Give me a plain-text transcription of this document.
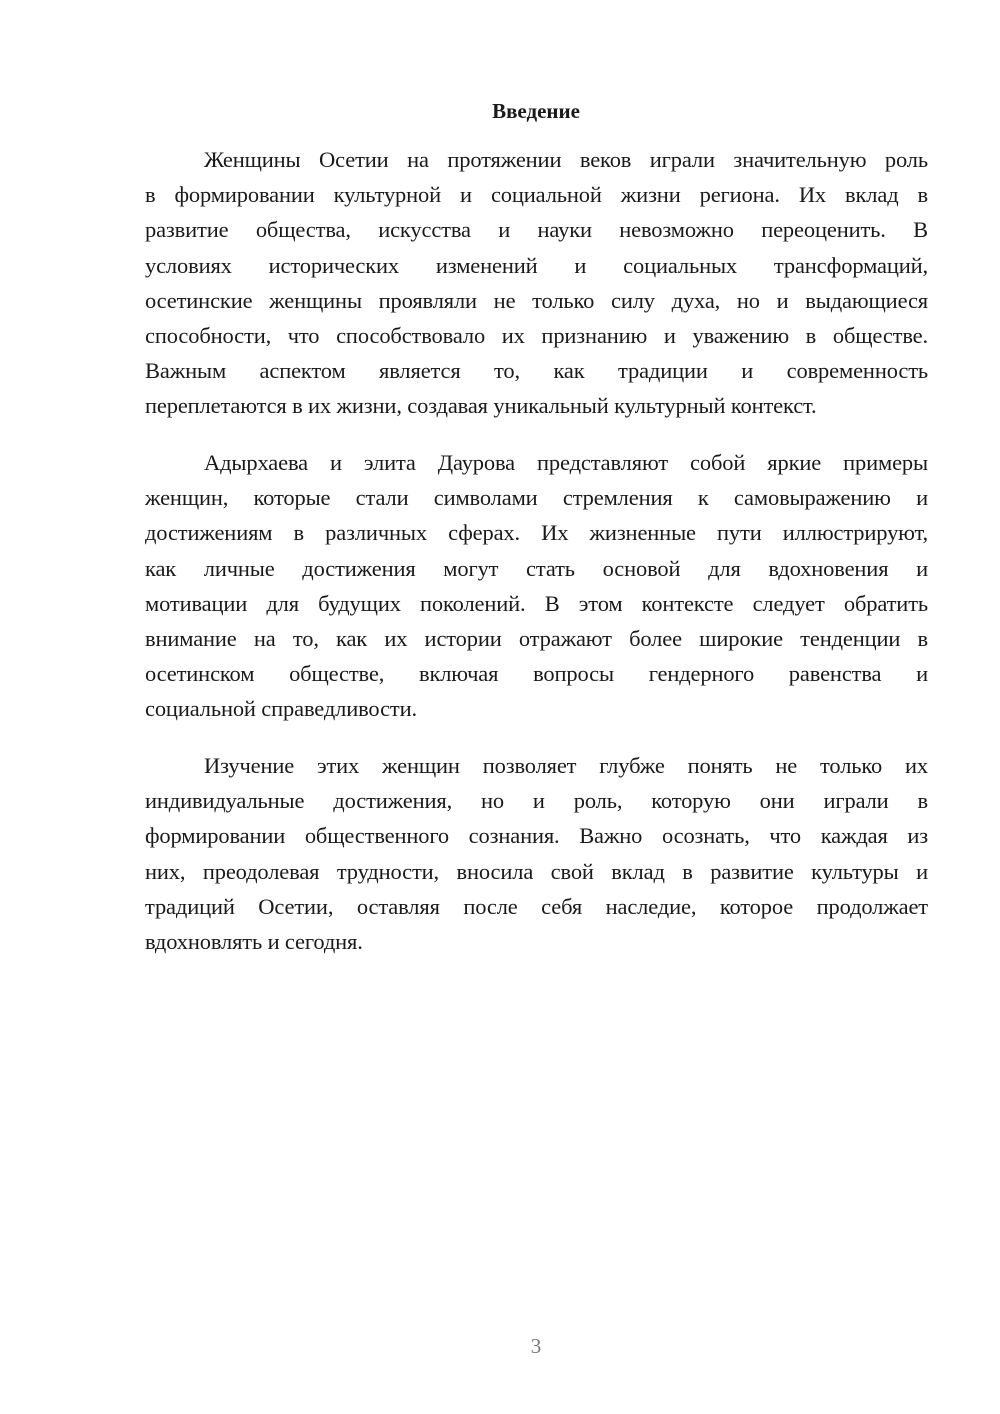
Введение
Женщины Осетии на протяжении веков играли значительную роль
в формировании культурной и социальной жизни региона. Их вклад в
развитие общества, искусства и науки невозможно переоценить. В
условиях исторических изменений и социальных трансформаций,
осетинские женщины проявляли не только силу духа, но и выдающиеся
способности, что способствовало их признанию и уважению в обществе.
Важным аспектом является то, как традиции и современность
переплетаются в их жизни, создавая уникальный культурный контекст.
Адырхаева и элита Даурова представляют собой яркие примеры
женщин, которые стали символами стремления к самовыражению и
достижениям в различных сферах. Их жизненные пути иллюстрируют,
как личные достижения могут стать основой для вдохновения и
мотивации для будущих поколений. В этом контексте следует обратить
внимание на то, как их истории отражают более широкие тенденции в
осетинском обществе, включая вопросы гендерного равенства и
социальной справедливости.
Изучение этих женщин позволяет глубже понять не только их
индивидуальные достижения, но и роль, которую они играли в
формировании общественного сознания. Важно осознать, что каждая из
них, преодолевая трудности, вносила свой вклад в развитие культуры и
традиций Осетии, оставляя после себя наследие, которое продолжает
вдохновлять и сегодня.
3
